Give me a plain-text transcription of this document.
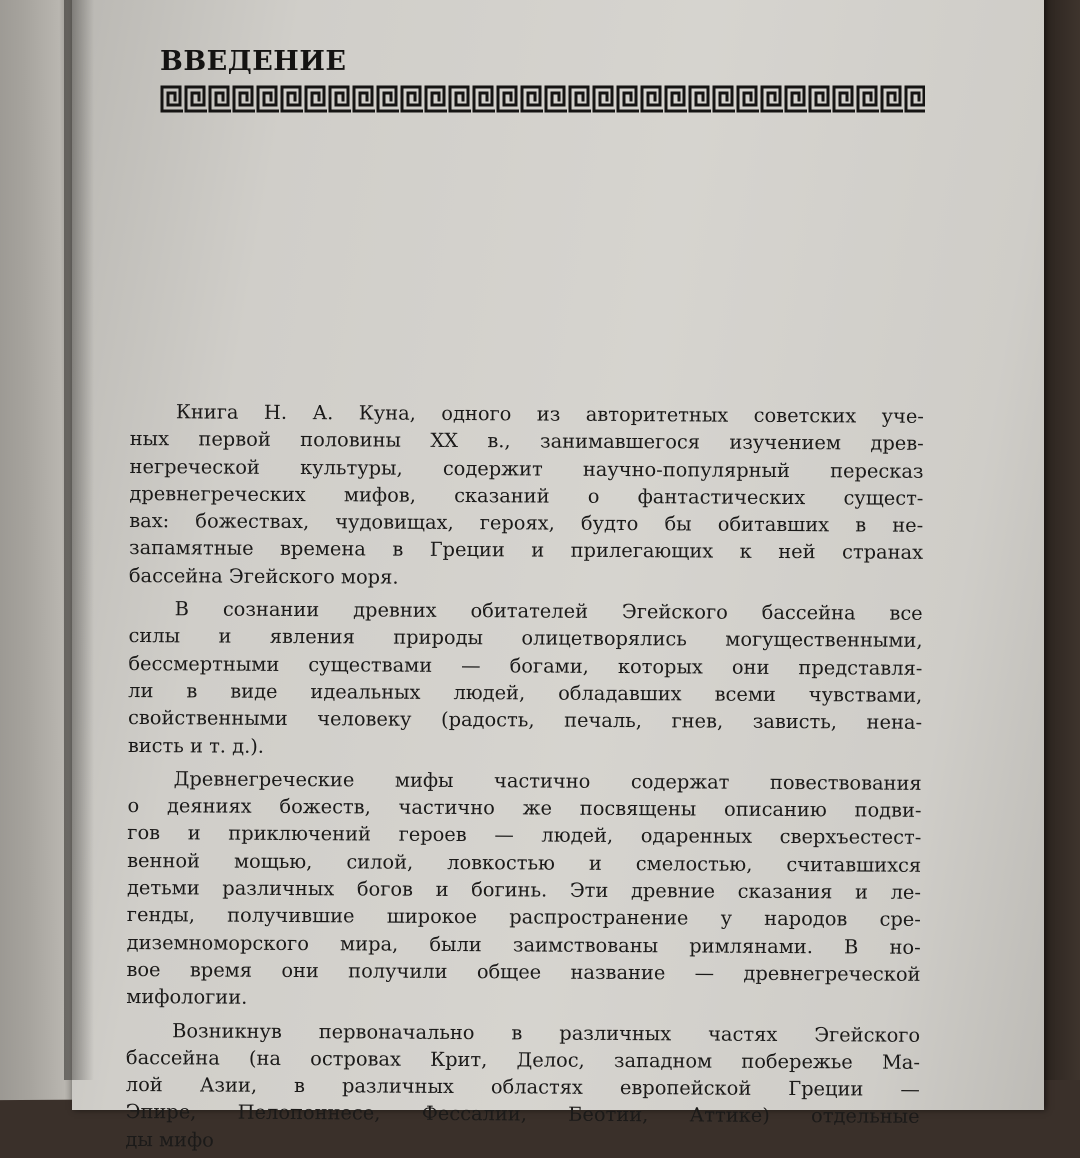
ВВЕДЕНИЕ

Книга Н. А. Куна, одного из авторитетных советских уче-
ных первой половины XX в., занимавшегося изучением древ-
негреческой культуры, содержит научно-популярный пересказ
древнегреческих мифов, сказаний о фантастических сущест-
вах: божествах, чудовищах, героях, будто бы обитавших в не-
запамятные времена в Греции и прилегающих к ней странах
бассейна Эгейского моря.

В сознании древних обитателей Эгейского бассейна все
силы и явления природы олицетворялись могущественными,
бессмертными существами — богами, которых они представля-
ли в виде идеальных людей, обладавших всеми чувствами,
свойственными человеку (радость, печаль, гнев, зависть, нена-
висть и т. д.).

Древнегреческие мифы частично содержат повествования
о деяниях божеств, частично же посвящены описанию подви-
гов и приключений героев — людей, одаренных сверхъестест-
венной мощью, силой, ловкостью и смелостью, считавшихся
детьми различных богов и богинь. Эти древние сказания и ле-
генды, получившие широкое распространение у народов сре-
диземноморского мира, были заимствованы римлянами. В но-
вое время они получили общее название — древнегреческой
мифологии.

Возникнув первоначально в различных частях Эгейского
бассейна (на островах Крит, Делос, западном побережье Ма-
лой Азии, в различных областях европейской Греции —
Эпире, Пелопоннесе, Фессалии, Беотии, Аттике) отдельные
ды мифо
